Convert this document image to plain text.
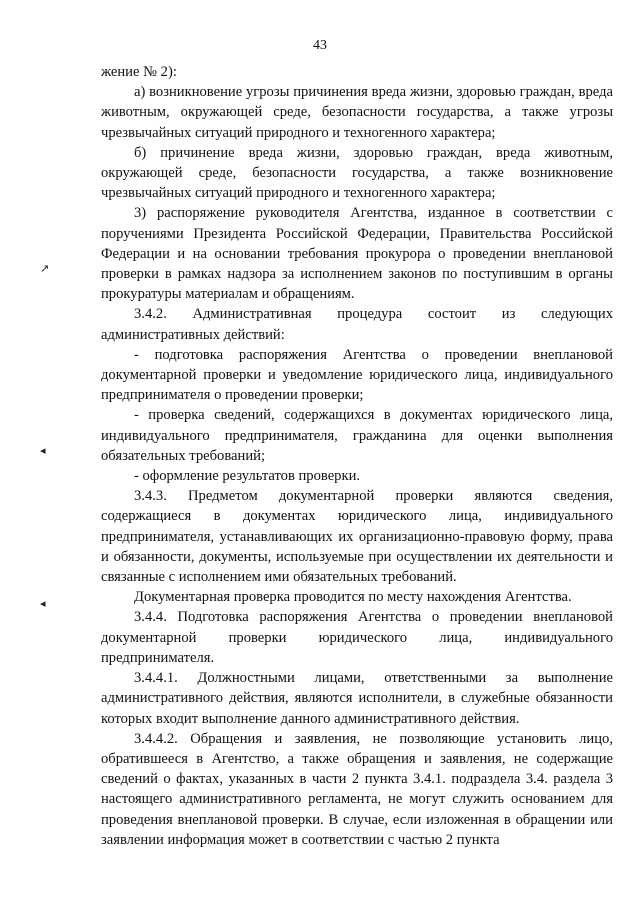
43
↗
◂
◂

жение № 2):

а) возникновение угрозы причинения вреда жизни, здоровью граждан, вреда животным, окружающей среде, безопасности государства, а также угрозы чрезвычайных ситуаций природного и техногенного характера;

б) причинение вреда жизни, здоровью граждан, вреда животным, окружающей среде, безопасности государства, а также возникновение чрезвычайных ситуаций природного и техногенного характера;

3) распоряжение руководителя Агентства, изданное в соответствии с поручениями Президента Российской Федерации, Правительства Российской Федерации и на основании требования прокурора о проведении внеплановой проверки в рамках надзора за исполнением законов по поступившим в органы прокуратуры материалам и обращениям.

3.4.2. Административная процедура состоит из следующих административных действий:

- подготовка распоряжения Агентства о проведении внеплановой документарной проверки и уведомление юридического лица, индивидуального предпринимателя о проведении проверки;

- проверка сведений, содержащихся в документах юридического лица, индивидуального предпринимателя, гражданина для оценки выполнения обязательных требований;

- оформление результатов проверки.

3.4.3. Предметом документарной проверки являются сведения, содержащиеся в документах юридического лица, индивидуального предпринимателя, устанавливающих их организационно-правовую форму, права и обязанности, документы, используемые при осуществлении их деятельности и связанные с исполнением ими обязательных требований.

Документарная проверка проводится по месту нахождения Агентства.

3.4.4. Подготовка распоряжения Агентства о проведении внеплановой документарной проверки юридического лица, индивидуального предпринимателя.

3.4.4.1. Должностными лицами, ответственными за выполнение административного действия, являются исполнители, в служебные обязанности которых входит выполнение данного административного действия.

3.4.4.2. Обращения и заявления, не позволяющие установить лицо, обратившееся в Агентство, а также обращения и заявления, не содержащие сведений о фактах, указанных в части 2 пункта 3.4.1. подраздела 3.4. раздела 3 настоящего административного регламента, не могут служить основанием для проведения внеплановой проверки. В случае, если изложенная в обращении или заявлении информация может в соответствии с частью 2 пункта
